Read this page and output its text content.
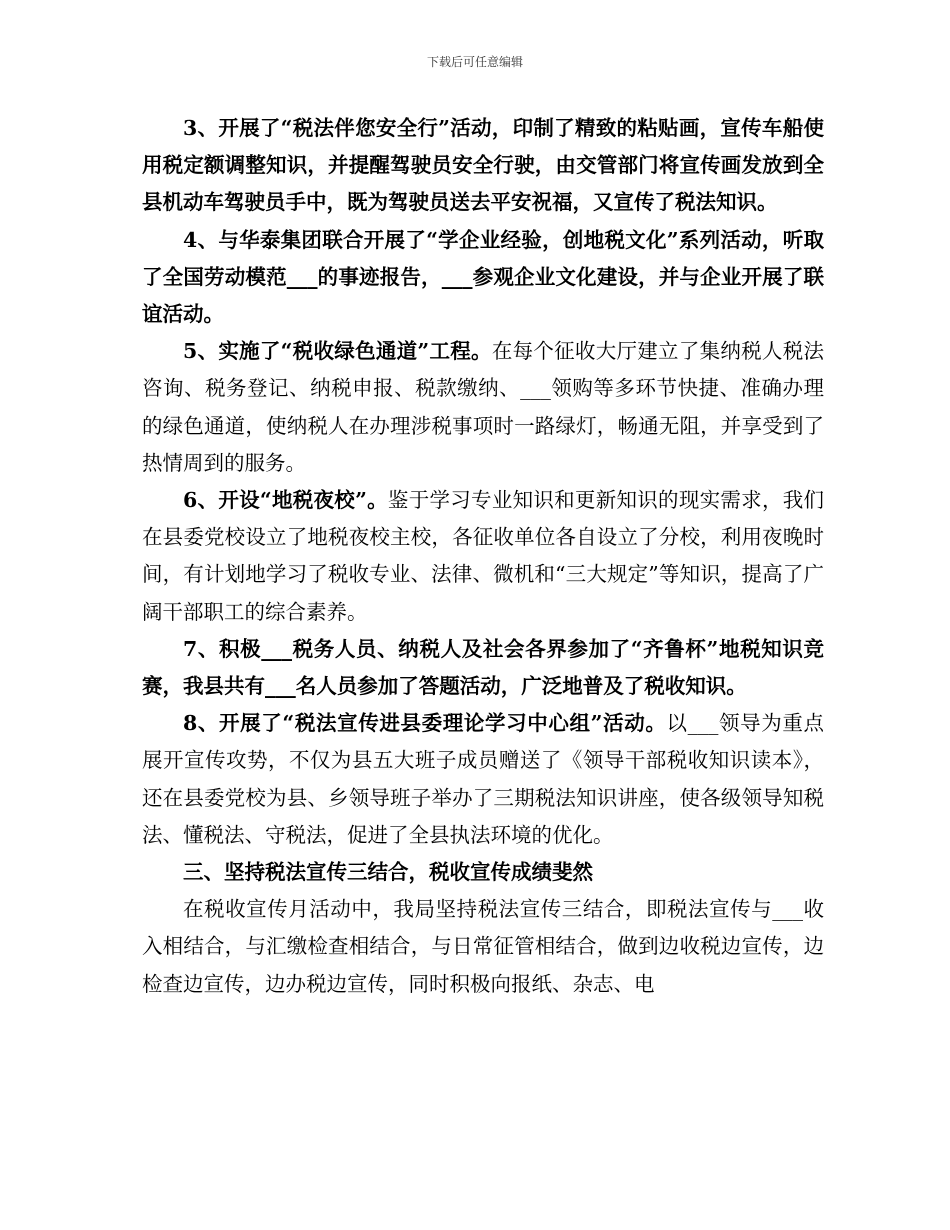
下载后可任意编辑

3、开展了“税法伴您安全行”活动，印制了精致的粘贴画，宣传车船使用税定额调整知识，并提醒驾驶员安全行驶，由交管部门将宣传画发放到全县机动车驾驶员手中，既为驾驶员送去平安祝福，又宣传了税法知识。

4、与华泰集团联合开展了“学企业经验，创地税文化”系列活动，听取了全国劳动模范___的事迹报告，___参观企业文化建设，并与企业开展了联谊活动。

5、实施了“税收绿色通道”工程。在每个征收大厅建立了集纳税人税法咨询、税务登记、纳税申报、税款缴纳、___领购等多环节快捷、准确办理的绿色通道，使纳税人在办理涉税事项时一路绿灯，畅通无阻，并享受到了热情周到的服务。

6、开设“地税夜校”。鉴于学习专业知识和更新知识的现实需求，我们在县委党校设立了地税夜校主校，各征收单位各自设立了分校，利用夜晚时间，有计划地学习了税收专业、法律、微机和“三大规定”等知识，提高了广阔干部职工的综合素养。

7、积极___税务人员、纳税人及社会各界参加了“齐鲁杯”地税知识竞赛，我县共有___名人员参加了答题活动，广泛地普及了税收知识。

8、开展了“税法宣传进县委理论学习中心组”活动。以___领导为重点展开宣传攻势，不仅为县五大班子成员赠送了《领导干部税收知识读本》，还在县委党校为县、乡领导班子举办了三期税法知识讲座，使各级领导知税法、懂税法、守税法，促进了全县执法环境的优化。

三、坚持税法宣传三结合，税收宣传成绩斐然

在税收宣传月活动中，我局坚持税法宣传三结合，即税法宣传与___收入相结合，与汇缴检查相结合，与日常征管相结合，做到边收税边宣传，边检查边宣传，边办税边宣传，同时积极向报纸、杂志、电
